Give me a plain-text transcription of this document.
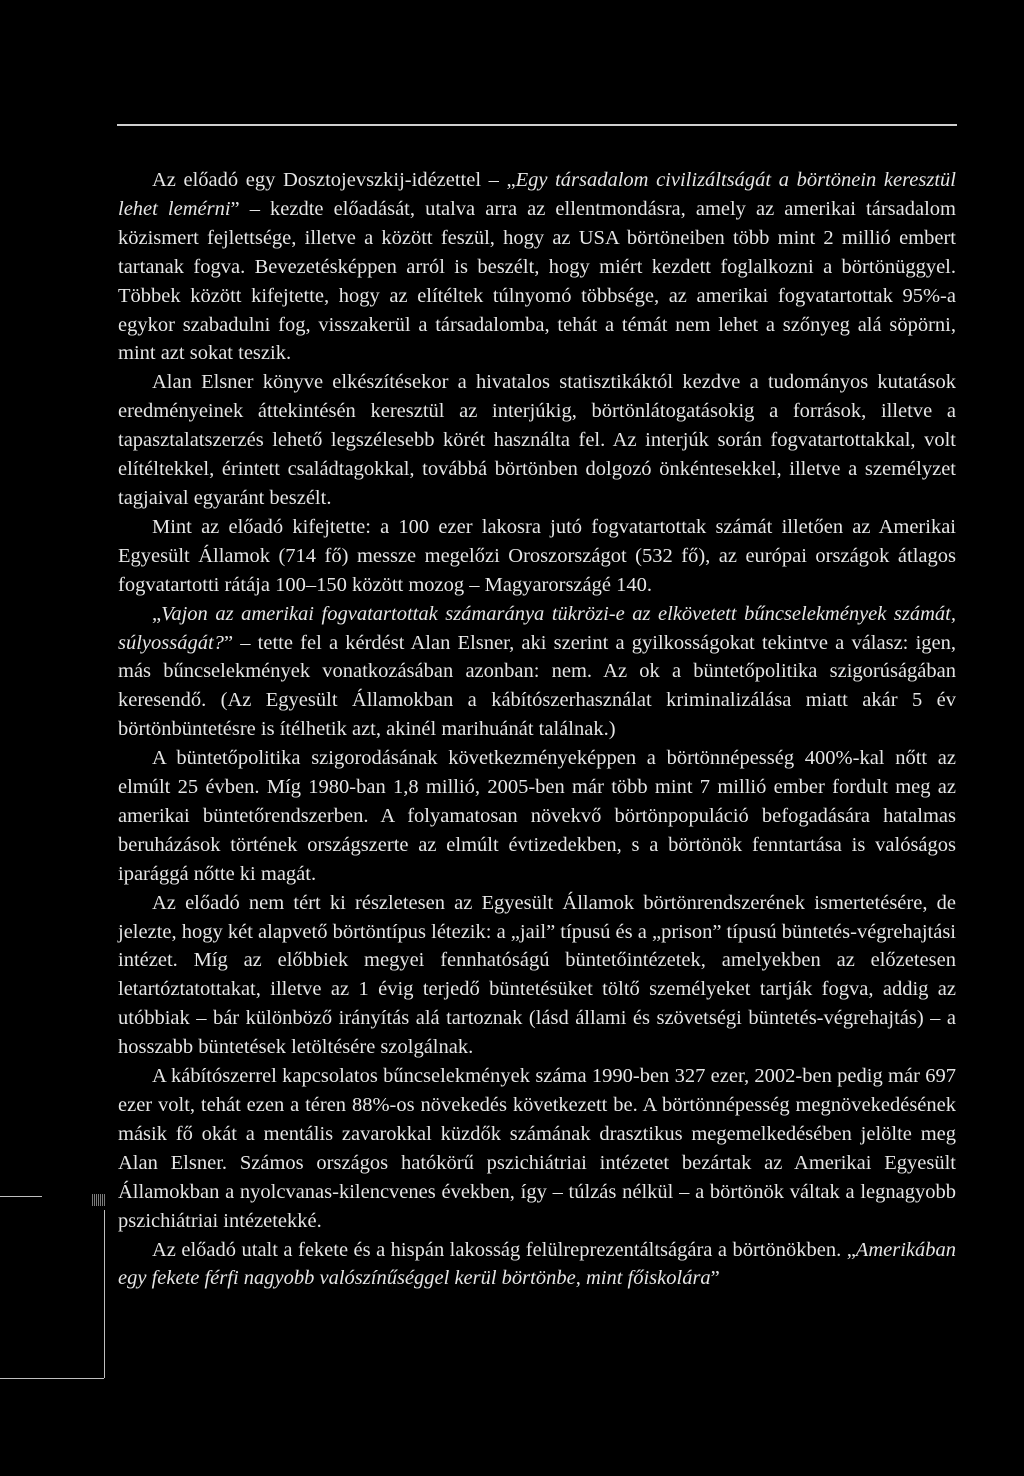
Az előadó egy Dosztojevszkij-idézettel – „Egy társadalom civilizáltságát a börtönein keresztül lehet lemérni” – kezdte előadását, utalva arra az ellentmondásra, amely az amerikai társadalom közismert fejlettsége, illetve a között feszül, hogy az USA börtöneiben több mint 2 millió embert tartanak fogva. Bevezetésképpen arról is beszélt, hogy miért kezdett foglalkozni a börtönüggyel. Többek között kifejtette, hogy az elítéltek túlnyomó többsége, az amerikai fogvatartottak 95%-a egykor szabadulni fog, visszakerül a társadalomba, tehát a témát nem lehet a szőnyeg alá söpörni, mint azt sokat teszik.

Alan Elsner könyve elkészítésekor a hivatalos statisztikáktól kezdve a tudományos kutatások eredményeinek áttekintésén keresztül az interjúkig, börtönlátogatásokig a források, illetve a tapasztalatszerzés lehető legszélesebb körét használta fel. Az interjúk során fogvatartottakkal, volt elítéltekkel, érintett családtagokkal, továbbá börtönben dolgozó önkéntesekkel, illetve a személyzet tagjaival egyaránt beszélt.

Mint az előadó kifejtette: a 100 ezer lakosra jutó fogvatartottak számát illetően az Amerikai Egyesült Államok (714 fő) messze megelőzi Oroszországot (532 fő), az európai országok átlagos fogvatartotti rátája 100–150 között mozog – Magyarországé 140.

„Vajon az amerikai fogvatartottak számaránya tükrözi-e az elkövetett bűncselekmények számát, súlyosságát?” – tette fel a kérdést Alan Elsner, aki szerint a gyilkosságokat tekintve a válasz: igen, más bűncselekmények vonatkozásában azonban: nem. Az ok a büntetőpolitika szigorúságában keresendő. (Az Egyesült Államokban a kábítószerhasználat kriminalizálása miatt akár 5 év börtönbüntetésre is ítélhetik azt, akinél marihuánát találnak.)

A büntetőpolitika szigorodásának következményeképpen a börtönnépesség 400%-kal nőtt az elmúlt 25 évben. Míg 1980-ban 1,8 millió, 2005-ben már több mint 7 millió ember fordult meg az amerikai büntetőrendszerben. A folyamatosan növekvő börtönpopuláció befogadására hatalmas beruházások történek országszerte az elmúlt évtizedekben, s a börtönök fenntartása is valóságos iparággá nőtte ki magát.

Az előadó nem tért ki részletesen az Egyesült Államok börtönrendszerének ismertetésére, de jelezte, hogy két alapvető börtöntípus létezik: a „jail” típusú és a „prison” típusú büntetés-végrehajtási intézet. Míg az előbbiek megyei fennhatóságú büntetőintézetek, amelyekben az előzetesen letartóztatottakat, illetve az 1 évig terjedő büntetésüket töltő személyeket tartják fogva, addig az utóbbiak – bár különböző irányítás alá tartoznak (lásd állami és szövetségi büntetés-végrehajtás) – a hosszabb büntetések letöltésére szolgálnak.

A kábítószerrel kapcsolatos bűncselekmények száma 1990-ben 327 ezer, 2002-ben pedig már 697 ezer volt, tehát ezen a téren 88%-os növekedés következett be. A börtönnépesség megnövekedésének másik fő okát a mentális zavarokkal küzdők számának drasztikus megemelkedésében jelölte meg Alan Elsner. Számos országos hatókörű pszichiátriai intézetet bezártak az Amerikai Egyesült Államokban a nyolcvanas-kilencvenes években, így – túlzás nélkül – a börtönök váltak a legnagyobb pszichiátriai intézetekké.

Az előadó utalt a fekete és a hispán lakosság felülreprezentáltságára a börtönökben. „Amerikában egy fekete férfi nagyobb valószínűséggel kerül börtönbe, mint főiskolára”
